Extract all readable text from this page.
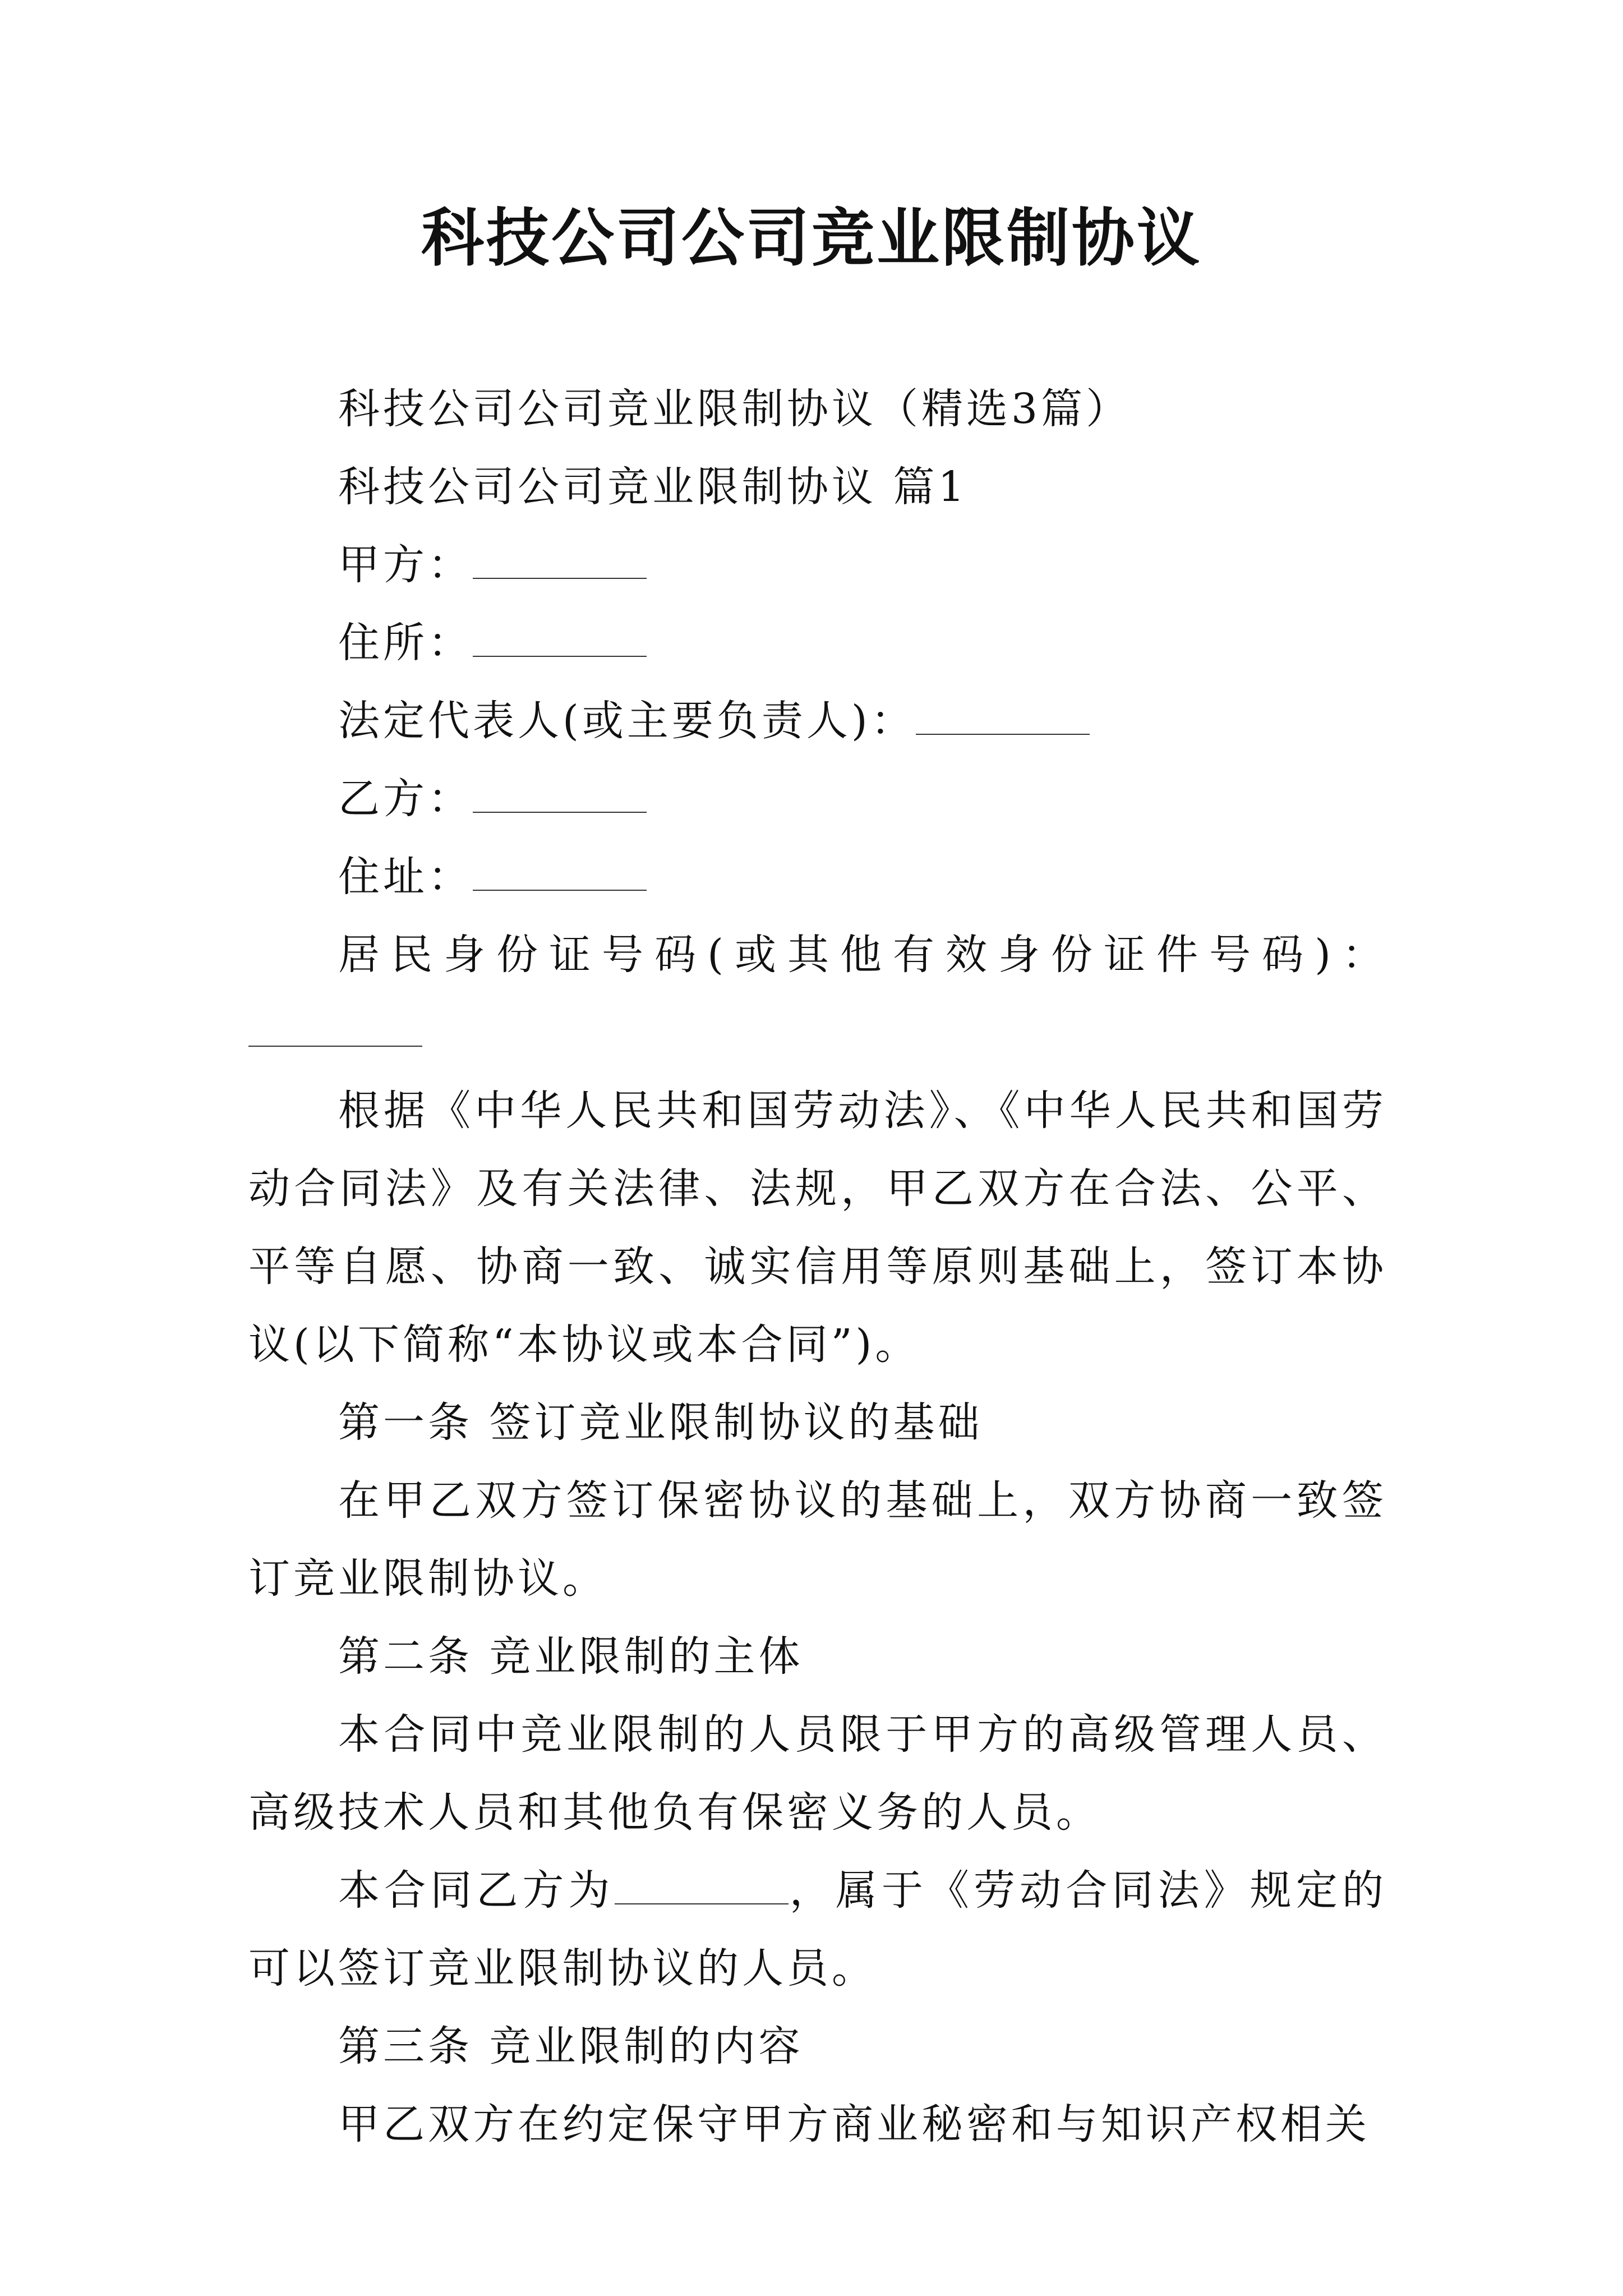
科技公司公司竞业限制协议

科技公司公司竞业限制协议（精选3篇）

科技公司公司竞业限制协议 篇1

甲方：

住所：

法定代表人(或主要负责人)：

乙方：

住址：

居民身份证号码(或其他有效身份证件号码)：

根据《中华人民共和国劳动法》、《中华人民共和国劳动合同法》及有关法律、法规，甲乙双方在合法、公平、平等自愿、协商一致、诚实信用等原则基础上，签订本协议(以下简称“本协议或本合同”)。

第一条 签订竞业限制协议的基础

在甲乙双方签订保密协议的基础上，双方协商一致签订竞业限制协议。

第二条 竞业限制的主体

本合同中竞业限制的人员限于甲方的高级管理人员、高级技术人员和其他负有保密义务的人员。

本合同乙方为	，属于《劳动合同法》规定的可以签订竞业限制协议的人员。

第三条 竞业限制的内容

甲乙双方在约定保守甲方商业秘密和与知识产权相关
